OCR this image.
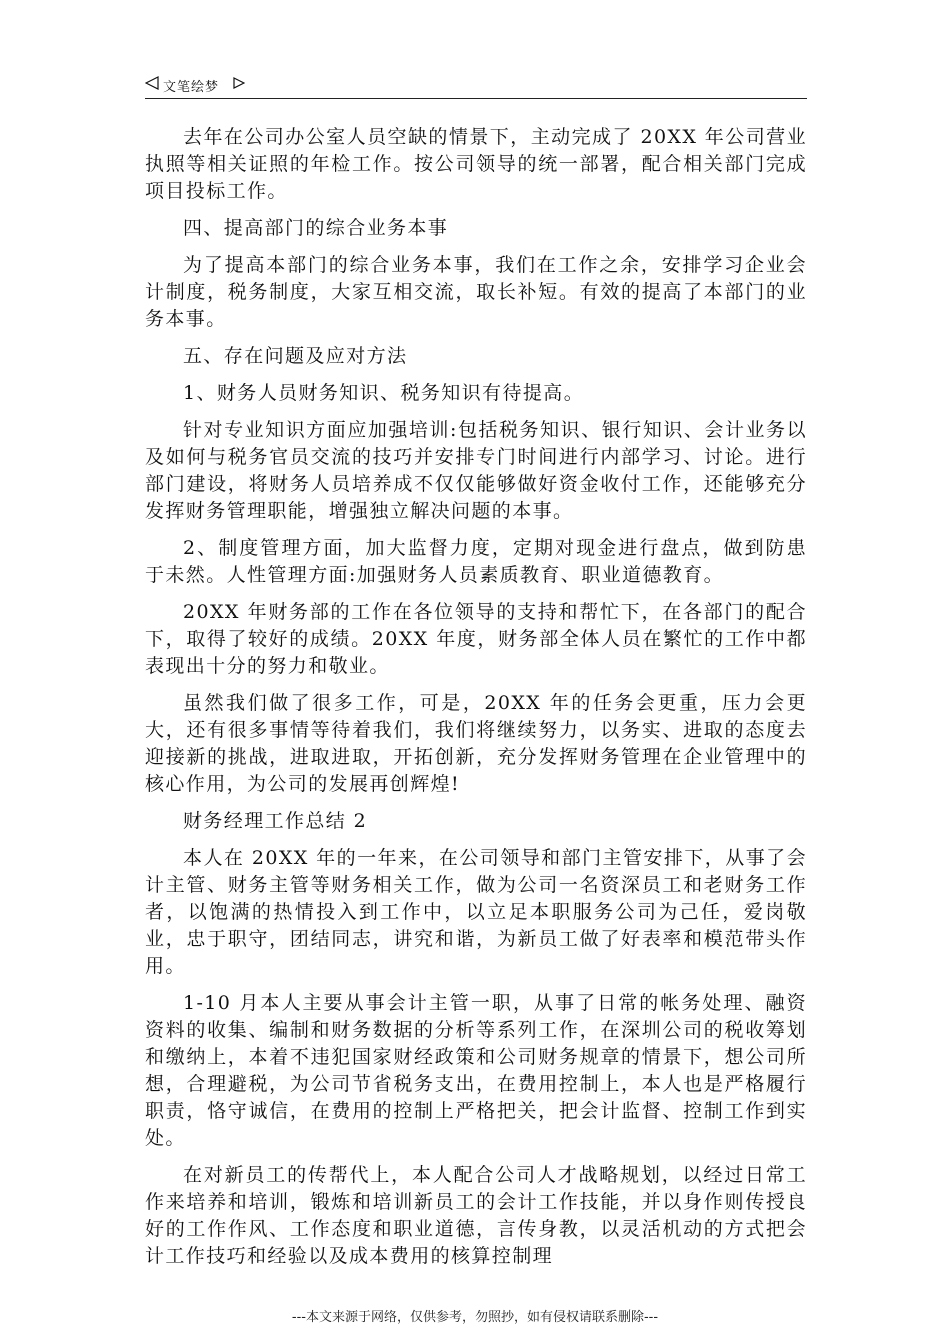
文笔绘梦

去年在公司办公室人员空缺的情景下，主动完成了 20XX 年公司营业执照等相关证照的年检工作。按公司领导的统一部署，配合相关部门完成项目投标工作。

四、提高部门的综合业务本事

为了提高本部门的综合业务本事，我们在工作之余，安排学习企业会计制度，税务制度，大家互相交流，取长补短。有效的提高了本部门的业务本事。

五、存在问题及应对方法

1、财务人员财务知识、税务知识有待提高。

针对专业知识方面应加强培训:包括税务知识、银行知识、会计业务以及如何与税务官员交流的技巧并安排专门时间进行内部学习、讨论。进行部门建设，将财务人员培养成不仅仅能够做好资金收付工作，还能够充分发挥财务管理职能，增强独立解决问题的本事。

2、制度管理方面，加大监督力度，定期对现金进行盘点，做到防患于未然。人性管理方面:加强财务人员素质教育、职业道德教育。

20XX 年财务部的工作在各位领导的支持和帮忙下，在各部门的配合下，取得了较好的成绩。20XX 年度，财务部全体人员在繁忙的工作中都表现出十分的努力和敬业。

虽然我们做了很多工作，可是，20XX 年的任务会更重，压力会更大，还有很多事情等待着我们，我们将继续努力，以务实、进取的态度去迎接新的挑战，进取进取，开拓创新，充分发挥财务管理在企业管理中的核心作用，为公司的发展再创辉煌!

财务经理工作总结 2

本人在 20XX 年的一年来，在公司领导和部门主管安排下，从事了会计主管、财务主管等财务相关工作，做为公司一名资深员工和老财务工作者，以饱满的热情投入到工作中，以立足本职服务公司为己任，爱岗敬业，忠于职守，团结同志，讲究和谐，为新员工做了好表率和模范带头作用。

1-10 月本人主要从事会计主管一职，从事了日常的帐务处理、融资资料的收集、编制和财务数据的分析等系列工作，在深圳公司的税收筹划和缴纳上，本着不违犯国家财经政策和公司财务规章的情景下，想公司所想，合理避税，为公司节省税务支出，在费用控制上，本人也是严格履行职责，恪守诚信，在费用的控制上严格把关，把会计监督、控制工作到实处。

在对新员工的传帮代上，本人配合公司人才战略规划，以经过日常工作来培养和培训，锻炼和培训新员工的会计工作技能，并以身作则传授良好的工作作风、工作态度和职业道德，言传身教，以灵活机动的方式把会计工作技巧和经验以及成本费用的核算控制理

---本文来源于网络，仅供参考，勿照抄，如有侵权请联系删除---
